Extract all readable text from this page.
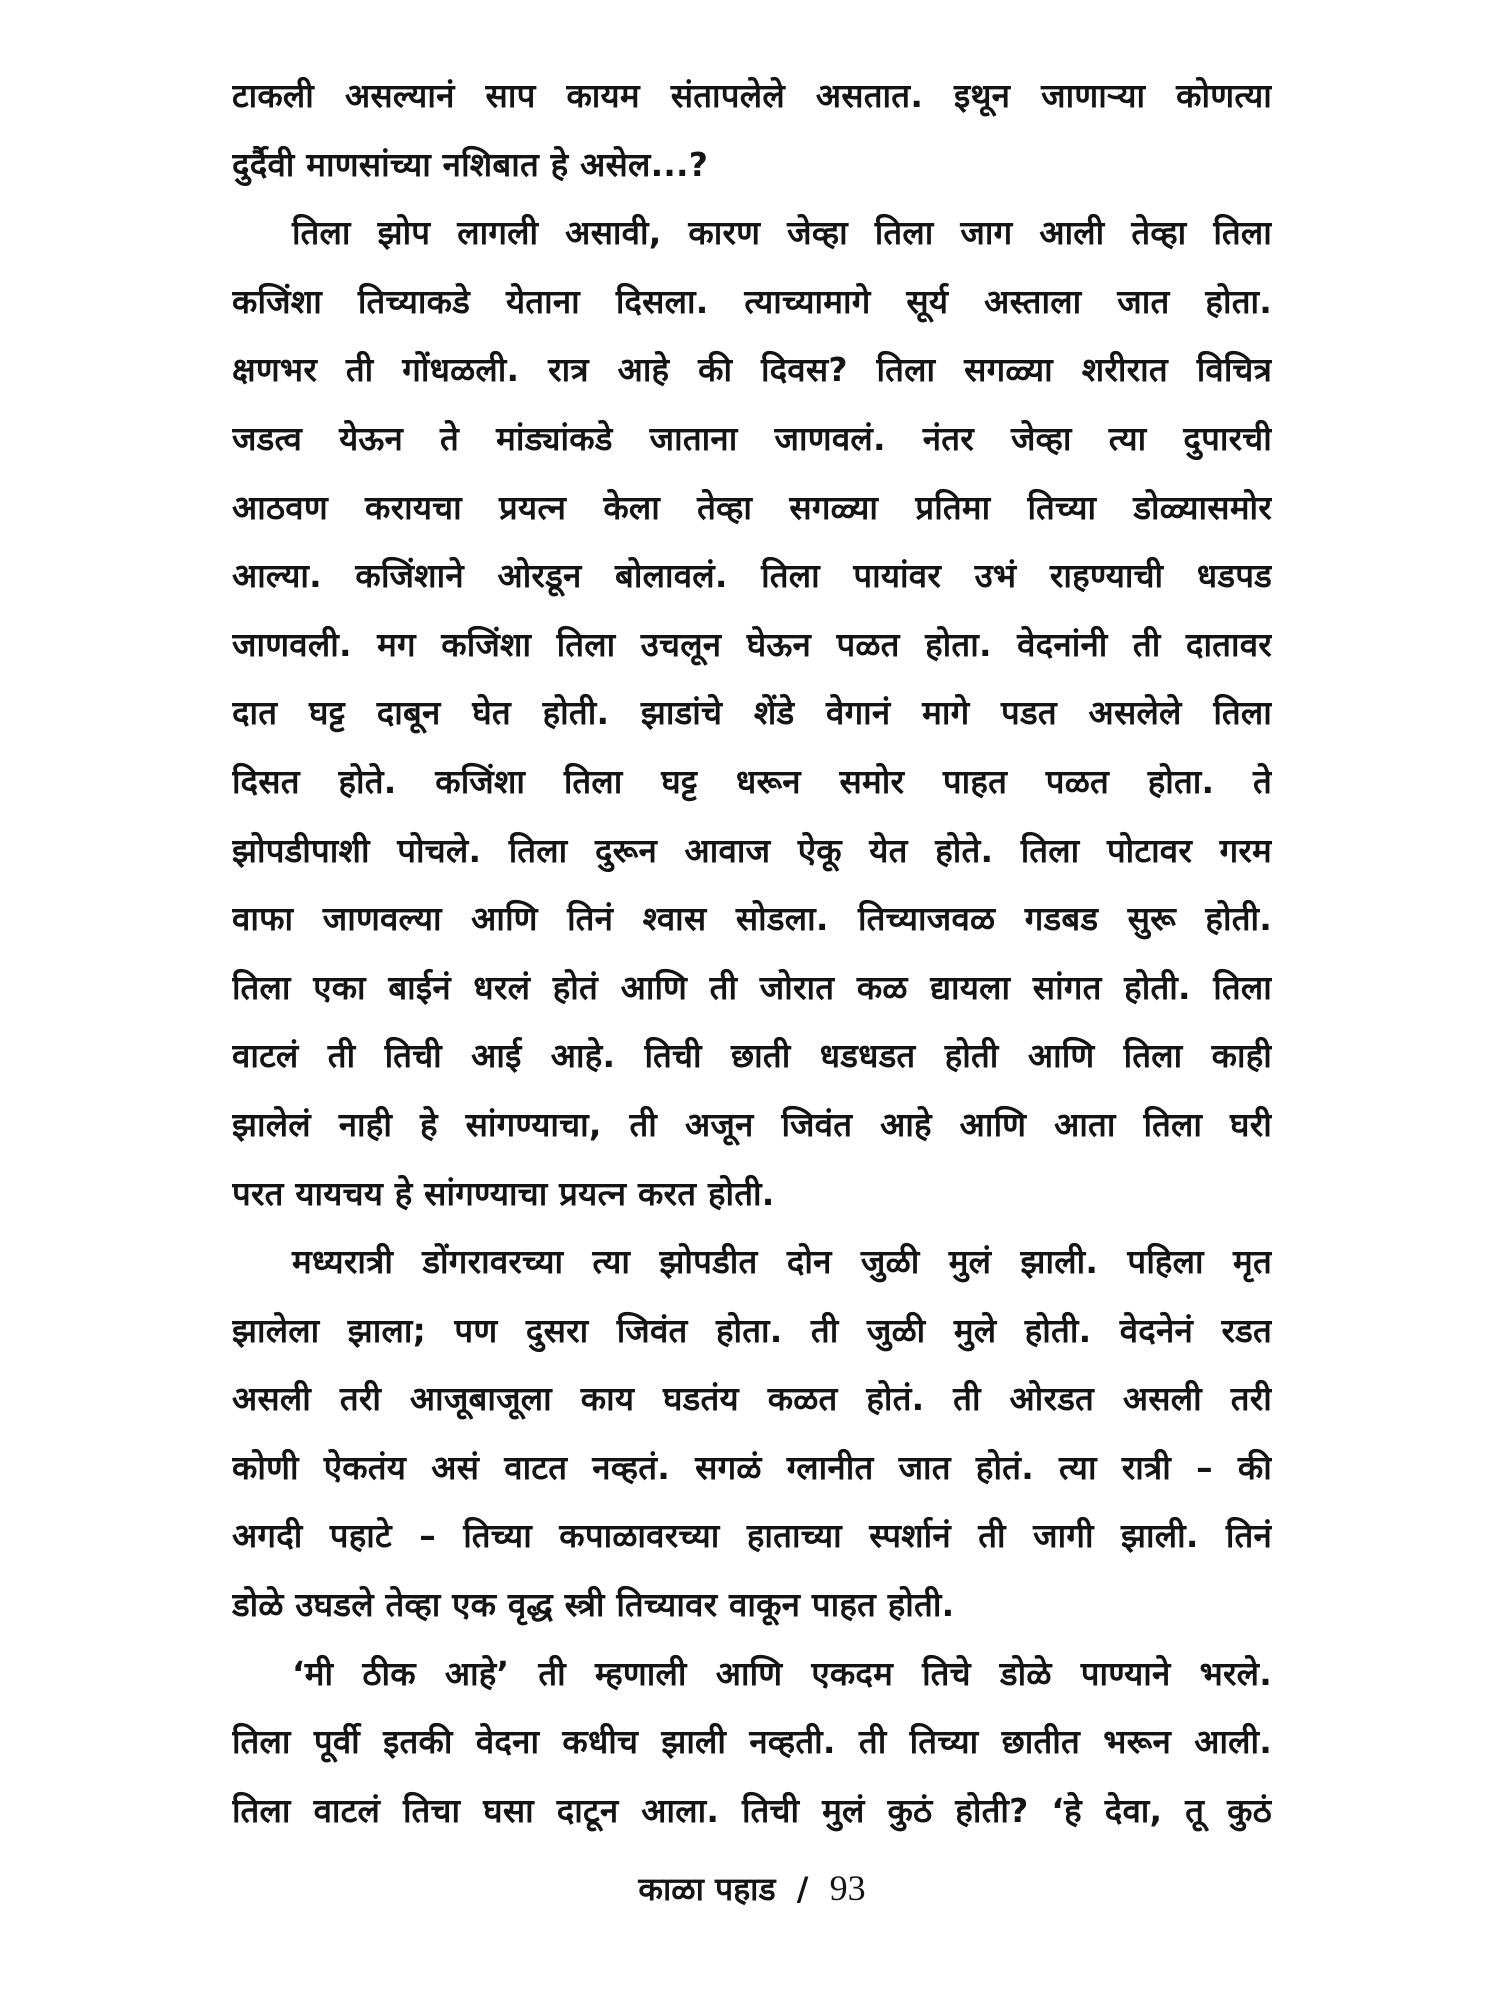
टाकली असल्यानं साप कायम संतापलेले असतात. इथून जाणाऱ्या कोणत्या
दुर्दैवी माणसांच्या नशिबात हे असेल...?
तिला झोप लागली असावी, कारण जेव्हा तिला जाग आली तेव्हा तिला
कजिंशा तिच्याकडे येताना दिसला. त्याच्यामागे सूर्य अस्ताला जात होता.
क्षणभर ती गोंधळली. रात्र आहे की दिवस? तिला सगळ्या शरीरात विचित्र
जडत्व येऊन ते मांड्यांकडे जाताना जाणवलं. नंतर जेव्हा त्या दुपारची
आठवण करायचा प्रयत्न केला तेव्हा सगळ्या प्रतिमा तिच्या डोळ्यासमोर
आल्या. कजिंशाने ओरडून बोलावलं. तिला पायांवर उभं राहण्याची धडपड
जाणवली. मग कजिंशा तिला उचलून घेऊन पळत होता. वेदनांनी ती दातावर
दात घट्ट दाबून घेत होती. झाडांचे शेंडे वेगानं मागे पडत असलेले तिला
दिसत होते. कजिंशा तिला घट्ट धरून समोर पाहत पळत होता. ते
झोपडीपाशी पोचले. तिला दुरून आवाज ऐकू येत होते. तिला पोटावर गरम
वाफा जाणवल्या आणि तिनं श्वास सोडला. तिच्याजवळ गडबड सुरू होती.
तिला एका बाईनं धरलं होतं आणि ती जोरात कळ द्यायला सांगत होती. तिला
वाटलं ती तिची आई आहे. तिची छाती धडधडत होती आणि तिला काही
झालेलं नाही हे सांगण्याचा, ती अजून जिवंत आहे आणि आता तिला घरी
परत यायचय हे सांगण्याचा प्रयत्न करत होती.
मध्यरात्री डोंगरावरच्या त्या झोपडीत दोन जुळी मुलं झाली. पहिला मृत
झालेला झाला; पण दुसरा जिवंत होता. ती जुळी मुले होती. वेदनेनं रडत
असली तरी आजूबाजूला काय घडतंय कळत होतं. ती ओरडत असली तरी
कोणी ऐकतंय असं वाटत नव्हतं. सगळं ग्लानीत जात होतं. त्या रात्री – की
अगदी पहाटे – तिच्या कपाळावरच्या हाताच्या स्पर्शानं ती जागी झाली. तिनं
डोळे उघडले तेव्हा एक वृद्ध स्त्री तिच्यावर वाकून पाहत होती.
‘मी ठीक आहे’ ती म्हणाली आणि एकदम तिचे डोळे पाण्याने भरले.
तिला पूर्वी इतकी वेदना कधीच झाली नव्हती. ती तिच्या छातीत भरून आली.
तिला वाटलं तिचा घसा दाटून आला. तिची मुलं कुठं होती? ‘हे देवा, तू कुठं
काळा पहाड / 93
